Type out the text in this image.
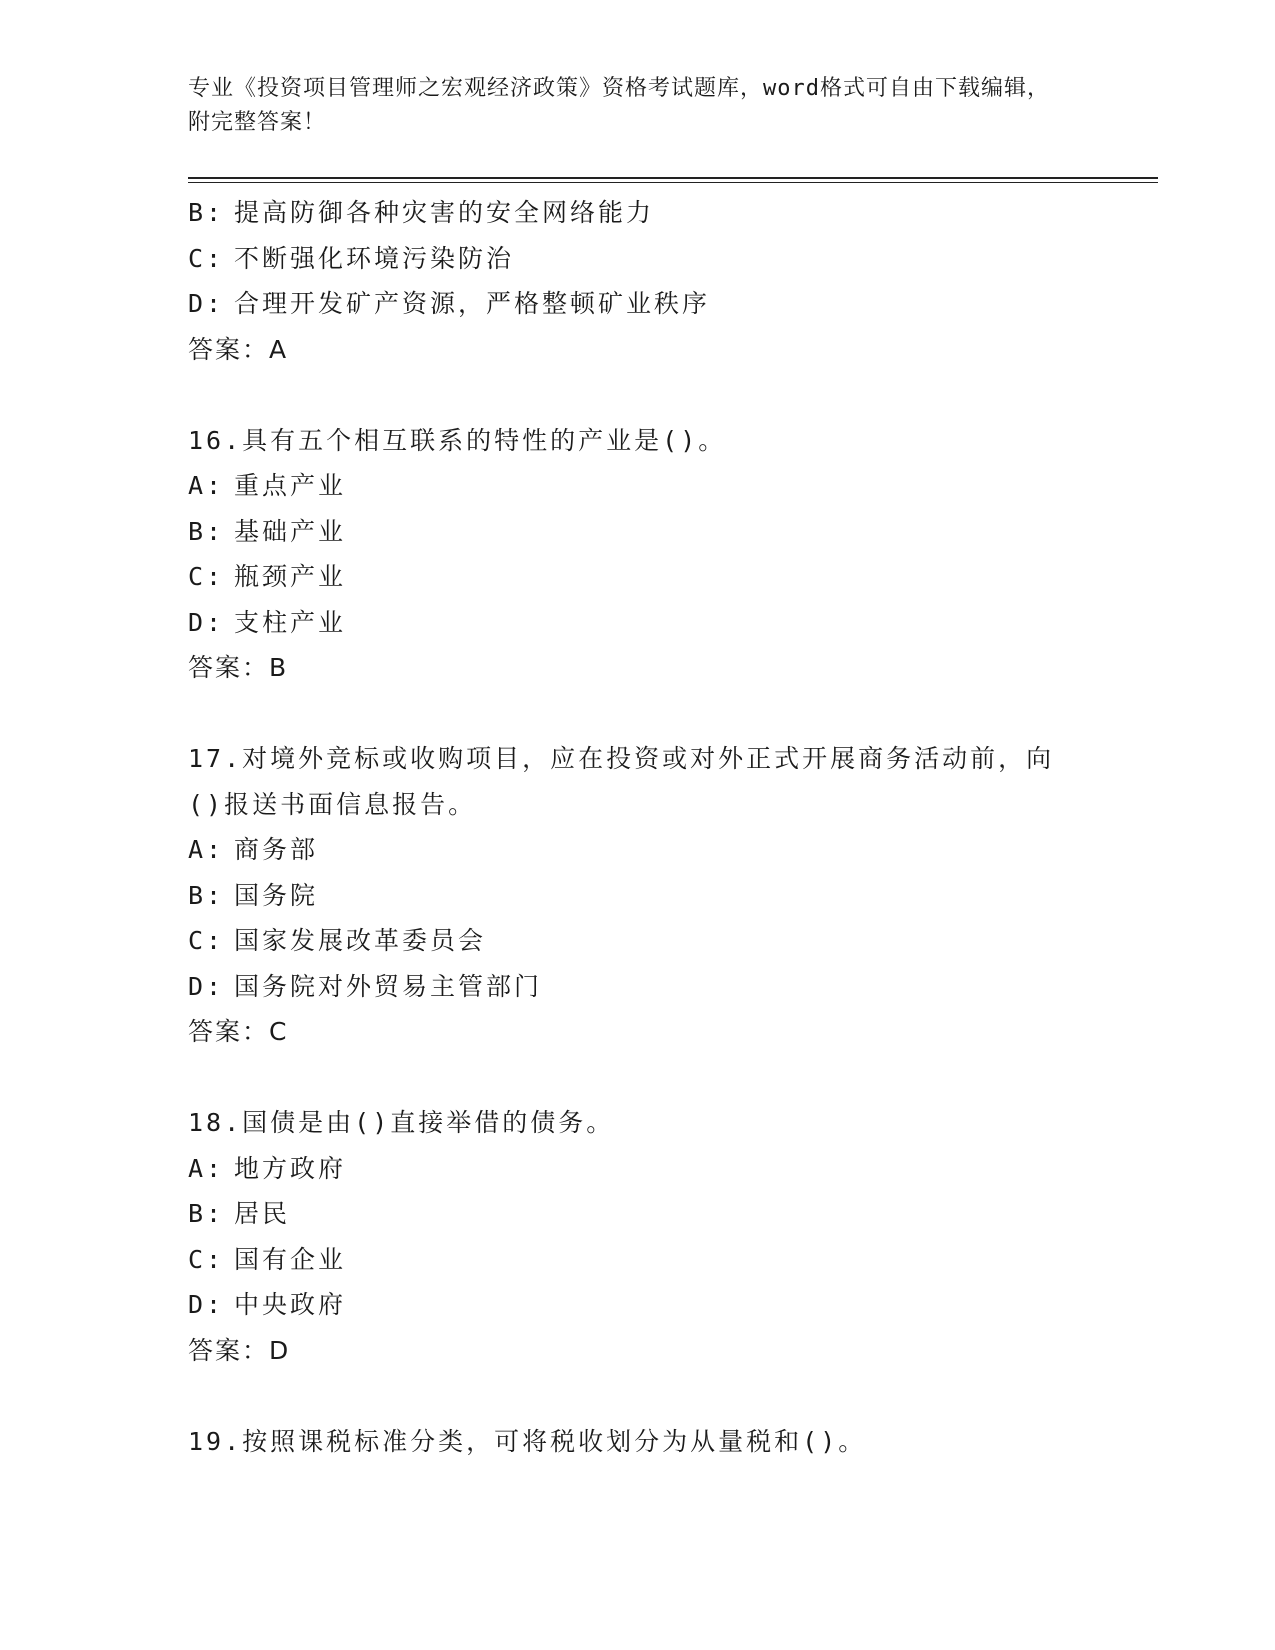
专业《投资项目管理师之宏观经济政策》资格考试题库，word格式可自由下载编辑，附完整答案！
B: 提高防御各种灾害的安全网络能力
C: 不断强化环境污染防治
D: 合理开发矿产资源，严格整顿矿业秩序
答案：A
16.具有五个相互联系的特性的产业是()。
A: 重点产业
B: 基础产业
C: 瓶颈产业
D: 支柱产业
答案：B
17.对境外竞标或收购项目，应在投资或对外正式开展商务活动前，向
()报送书面信息报告。
A: 商务部
B: 国务院
C: 国家发展改革委员会
D: 国务院对外贸易主管部门
答案：C
18.国债是由()直接举借的债务。
A: 地方政府
B: 居民
C: 国有企业
D: 中央政府
答案：D
19.按照课税标准分类，可将税收划分为从量税和()。
